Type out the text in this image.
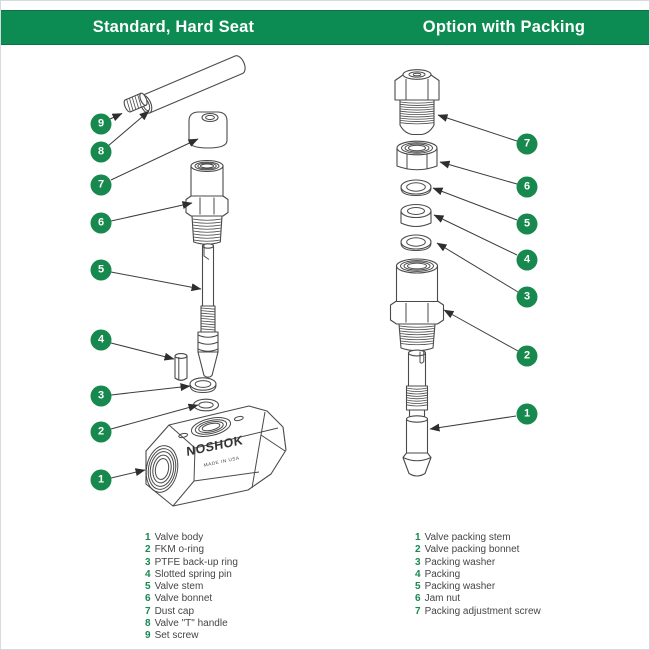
Standard, Hard Seat	Option with Packing
NOSHOK
MADE IN USA
9
8
7
6
5
4
3
2
1
7
6
5
4
3
2
1
1 Valve body
2 FKM o-ring
3 PTFE back-up ring
4 Slotted spring pin
5 Valve stem
6 Valve bonnet
7 Dust cap
8 Valve "T" handle
9 Set screw
1 Valve packing stem
2 Valve packing bonnet
3 Packing washer
4 Packing
5 Packing washer
6 Jam nut
7 Packing adjustment screw
